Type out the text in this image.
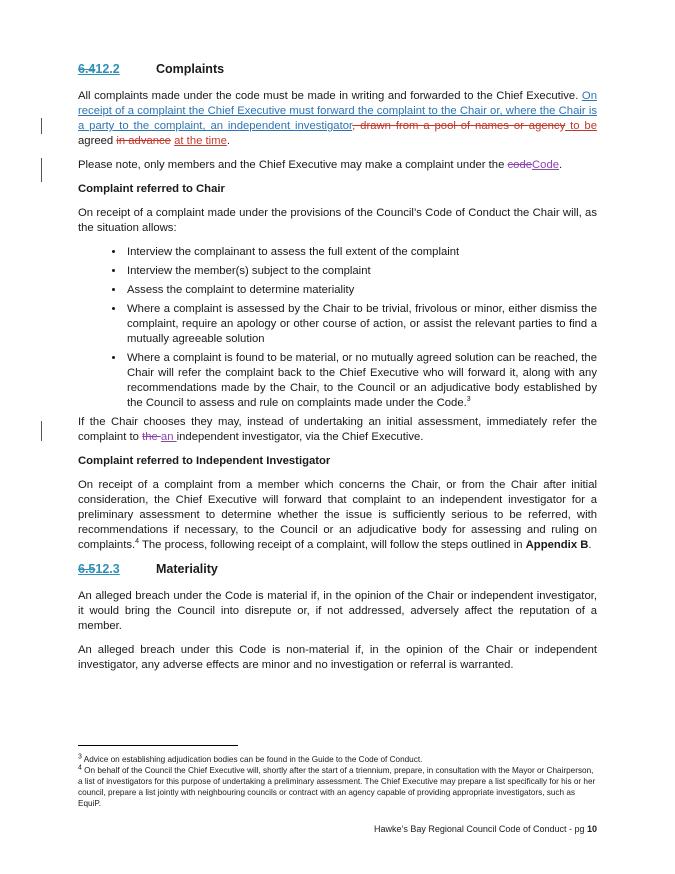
6.412.2	Complaints

All complaints made under the code must be made in writing and forwarded to the Chief Executive. On receipt of a complaint the Chief Executive must forward the complaint to the Chair or, where the Chair is a party to the complaint, an independent investigator, drawn from a pool of names or agency to be agreed in advance at the time.

Please note, only members and the Chief Executive may make a complaint under the codeCode.

Complaint referred to Chair

On receipt of a complaint made under the provisions of the Council’s Code of Conduct the Chair will, as the situation allows:

• Interview the complainant to assess the full extent of the complaint
• Interview the member(s) subject to the complaint
• Assess the complaint to determine materiality
• Where a complaint is assessed by the Chair to be trivial, frivolous or minor, either dismiss the complaint, require an apology or other course of action, or assist the relevant parties to find a mutually agreeable solution
• Where a complaint is found to be material, or no mutually agreed solution can be reached, the Chair will refer the complaint back to the Chief Executive who will forward it, along with any recommendations made by the Chair, to the Council or an adjudicative body established by the Council to assess and rule on complaints made under the Code.$^3$

If the Chair chooses they may, instead of undertaking an initial assessment, immediately refer the complaint to the an independent investigator, via the Chief Executive.

Complaint referred to Independent Investigator

On receipt of a complaint from a member which concerns the Chair, or from the Chair after initial consideration, the Chief Executive will forward that complaint to an independent investigator for a preliminary assessment to determine whether the issue is sufficiently serious to be referred, with recommendations if necessary, to the Council or an adjudicative body for assessing and ruling on complaints.$^4$ The process, following receipt of a complaint, will follow the steps outlined in Appendix B.

6.512.3	Materiality

An alleged breach under the Code is material if, in the opinion of the Chair or independent investigator, it would bring the Council into disrepute or, if not addressed, adversely affect the reputation of a member.

An alleged breach under this Code is non-material if, in the opinion of the Chair or independent investigator, any adverse effects are minor and no investigation or referral is warranted.

$^3$ Advice on establishing adjudication bodies can be found in the Guide to the Code of Conduct.
$^4$ On behalf of the Council the Chief Executive will, shortly after the start of a triennium, prepare, in consultation with the Mayor or Chairperson, a list of investigators for this purpose of undertaking a preliminary assessment. The Chief Executive may prepare a list specifically for his or her council, prepare a list jointly with neighbouring councils or contract with an agency capable of providing appropriate investigators, such as EquiP.
Hawke’s Bay Regional Council Code of Conduct - pg 10
